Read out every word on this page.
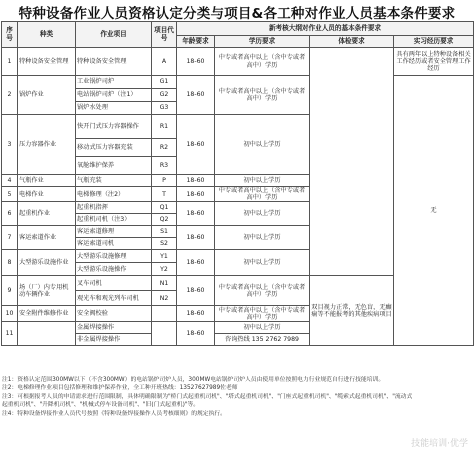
特种设备作业人员资格认定分类与项目&各工种对作业人员基本条件要求
序号	种类	作业项目	项目代号	新考核大纲对作业人员的基本条件要求			
				年龄要求	学历要求	体检要求	实习经历要求
1	特种设备安全管理	特种设备安全管理	A	18-60	中专或者高中以上（含中专或者高中）学历		具有两年以上特种设备相关工作经历或者安全管理工作经历
2	锅炉作业	工业锅炉司炉	G1	18-60	中专或者高中以上（含中专或者高中）学历		无
		电站锅炉司炉（注1）	G2				
		锅炉水处理	G3				
3	压力容器作业	快开门式压力容器操作	R1	18-60	初中以上学历		
		移动式压力容器充装	R2				
		氧舱维护保养	R3				
4	气瓶作业	气瓶充装	P	18-60	初中以上学历		
5	电梯作业	电梯修理（注2）	T	18-60	中专或者高中以上（含中专或者高中）学历		
6	起重机作业	起重机指挥	Q1	18-60	初中以上学历		
		起重机司机（注3）	Q2				
7	客运索道作业	客运索道修理	S1	18-60	初中以上学历		
		客运索道司机	S2				
8	大型游乐设施作业	大型游乐设施修理	Y1	18-60	初中以上学历		
		大型游乐设施操作	Y2				
9	场（厂）内专用机动车辆作业	叉车司机	N1	18-60	中专或者高中以上（含中专或者高中）学历	双目视力正常，无色盲，无癫痫等不能报考的其他疾病项目	
		观光车和观光列车司机	N2				
10	安全附件维修作业	安全阀校验		18-60	中专或者高中以上（含中专或者高中）学历		
11		金属焊接操作		18-60	初中以上学历		
		非金属焊接操作			咨询热线 135 2762 7989		
注1：资格认定范围300MW以下（不含300MW）的电站锅炉司炉人员，300MW电站锅炉司炉人员由使用单位按照电力行业规范自行进行技能培训。
注2：电梯修理作业项目包括修理和维护保养作业，全工种开班热线：13527627989佐老师
注3：可根据报考人员的申请需求进行范围限制，具体明确限制为"桥门式起重机司机"、"塔式起重机司机"、"门座式起重机司机"、"缆索式起重机司机"、"流动式
起重机司机"、"升降机司机"、"机械式停车设备司机"、"旧(门式起重机)"等。
注4：特种设备焊接作业人员代号按照《特种设备焊接操作人员考核细则》的规定执行。
技能培训·优学
